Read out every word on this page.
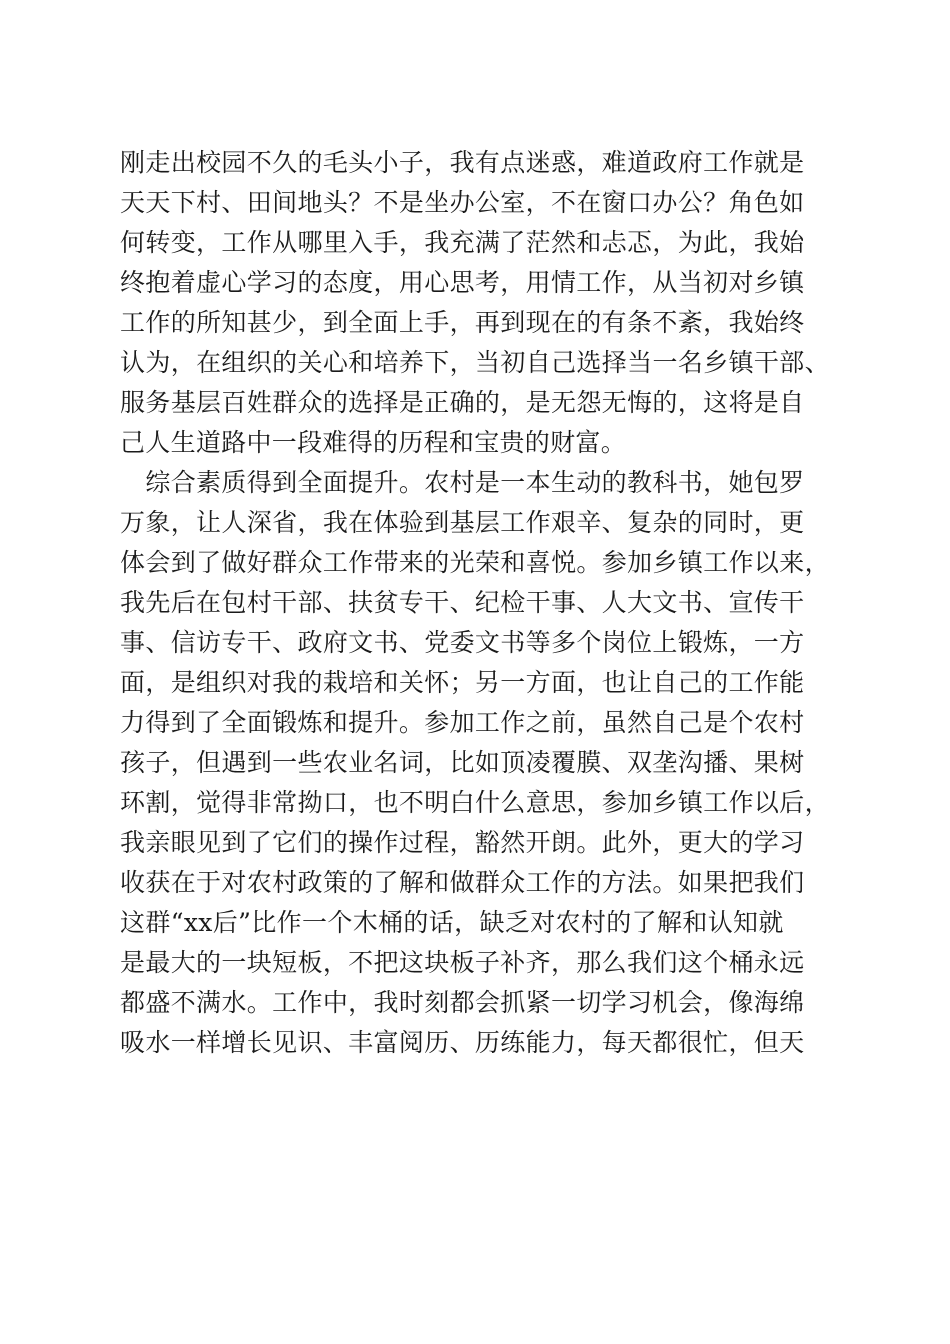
刚走出校园不久的毛头小子，我有点迷惑，难道政府工作就是
天天下村、田间地头？不是坐办公室，不在窗口办公？角色如
何转变，工作从哪里入手，我充满了茫然和忐忑，为此，我始
终抱着虚心学习的态度，用心思考，用情工作，从当初对乡镇
工作的所知甚少，到全面上手，再到现在的有条不紊，我始终
认为，在组织的关心和培养下，当初自己选择当一名乡镇干部、
服务基层百姓群众的选择是正确的，是无怨无悔的，这将是自
己人生道路中一段难得的历程和宝贵的财富。
　综合素质得到全面提升。农村是一本生动的教科书，她包罗
万象，让人深省，我在体验到基层工作艰辛、复杂的同时，更
体会到了做好群众工作带来的光荣和喜悦。参加乡镇工作以来，
我先后在包村干部、扶贫专干、纪检干事、人大文书、宣传干
事、信访专干、政府文书、党委文书等多个岗位上锻炼，一方
面，是组织对我的栽培和关怀；另一方面，也让自己的工作能
力得到了全面锻炼和提升。参加工作之前，虽然自己是个农村
孩子，但遇到一些农业名词，比如顶凌覆膜、双垄沟播、果树
环割，觉得非常拗口，也不明白什么意思，参加乡镇工作以后，
我亲眼见到了它们的操作过程，豁然开朗。此外，更大的学习
收获在于对农村政策的了解和做群众工作的方法。如果把我们
这群“xx后”比作一个木桶的话，缺乏对农村的了解和认知就
是最大的一块短板，不把这块板子补齐，那么我们这个桶永远
都盛不满水。工作中，我时刻都会抓紧一切学习机会，像海绵
吸水一样增长见识、丰富阅历、历练能力，每天都很忙，但天
